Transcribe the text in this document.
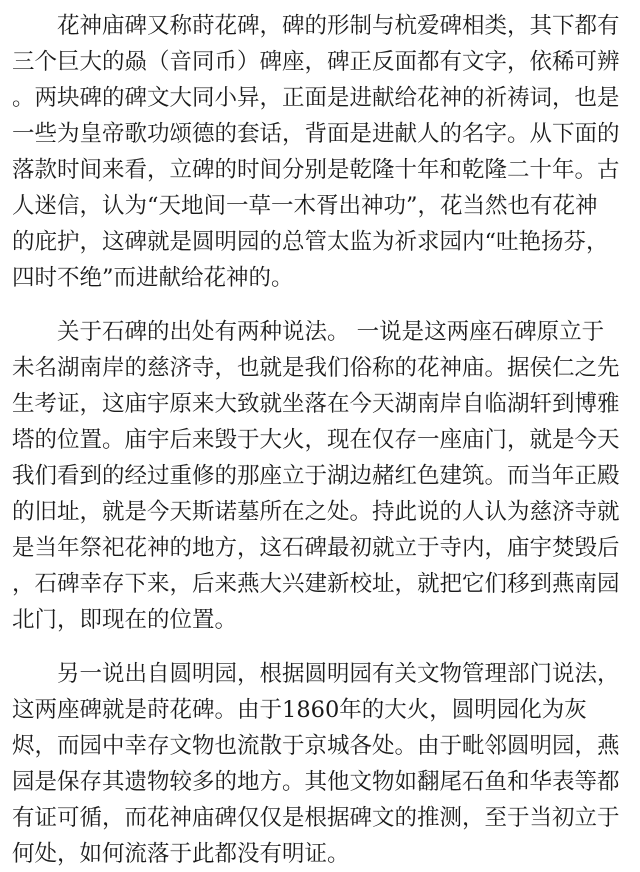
花神庙碑又称莳花碑，碑的形制与杭爱碑相类，其下都有
三个巨大的赑（音同币）碑座，碑正反面都有文字，依稀可辨
。两块碑的碑文大同小异，正面是进献给花神的祈祷词，也是
一些为皇帝歌功颂德的套话，背面是进献人的名字。从下面的
落款时间来看，立碑的时间分别是乾隆十年和乾隆二十年。古
人迷信，认为“天地间一草一木胥出神功”，花当然也有花神
的庇护，这碑就是圆明园的总管太监为祈求园内“吐艳扬芬，
四时不绝”而进献给花神的。
关于石碑的出处有两种说法。 一说是这两座石碑原立于
未名湖南岸的慈济寺，也就是我们俗称的花神庙。据侯仁之先
生考证，这庙宇原来大致就坐落在今天湖南岸自临湖轩到博雅
塔的位置。庙宇后来毁于大火，现在仅存一座庙门，就是今天
我们看到的经过重修的那座立于湖边赭红色建筑。而当年正殿
的旧址，就是今天斯诺墓所在之处。持此说的人认为慈济寺就
是当年祭祀花神的地方，这石碑最初就立于寺内，庙宇焚毁后
，石碑幸存下来，后来燕大兴建新校址，就把它们移到燕南园
北门，即现在的位置。
另一说出自圆明园，根据圆明园有关文物管理部门说法，
这两座碑就是莳花碑。由于1860年的大火，圆明园化为灰
烬，而园中幸存文物也流散于京城各处。由于毗邻圆明园，燕
园是保存其遗物较多的地方。其他文物如翻尾石鱼和华表等都
有证可循，而花神庙碑仅仅是根据碑文的推测，至于当初立于
何处，如何流落于此都没有明证。
